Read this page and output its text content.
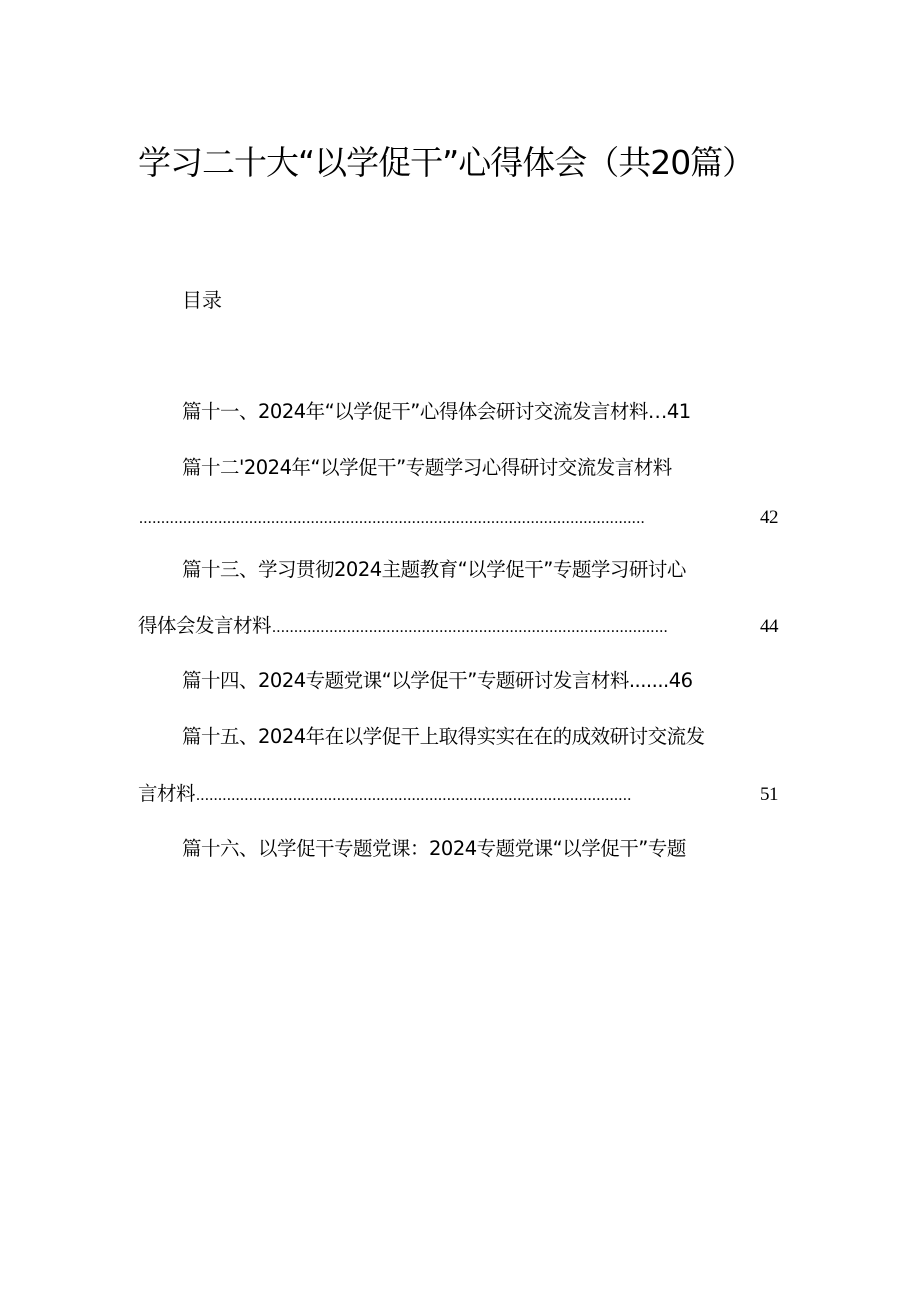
学习二十大“以学促干”心得体会（共20篇）

目录

篇十一、2024年“以学促干”心得体会研讨交流发言材料…41
篇十二'2024年“以学促干”专题学习心得研讨交流发言材料
...................................................................................................................	42
篇十三、学习贯彻2024主题教育“以学促干”专题学习研讨心
得体会发言材料 ..........................................................................................	44
篇十四、2024专题党课“以学促干”专题研讨发言材料.......46
篇十五、2024年在以学促干上取得实实在在的成效研讨交流发
言材料 ...................................................................................................	51
篇十六、以学促干专题党课：2024专题党课“以学促干”专题
